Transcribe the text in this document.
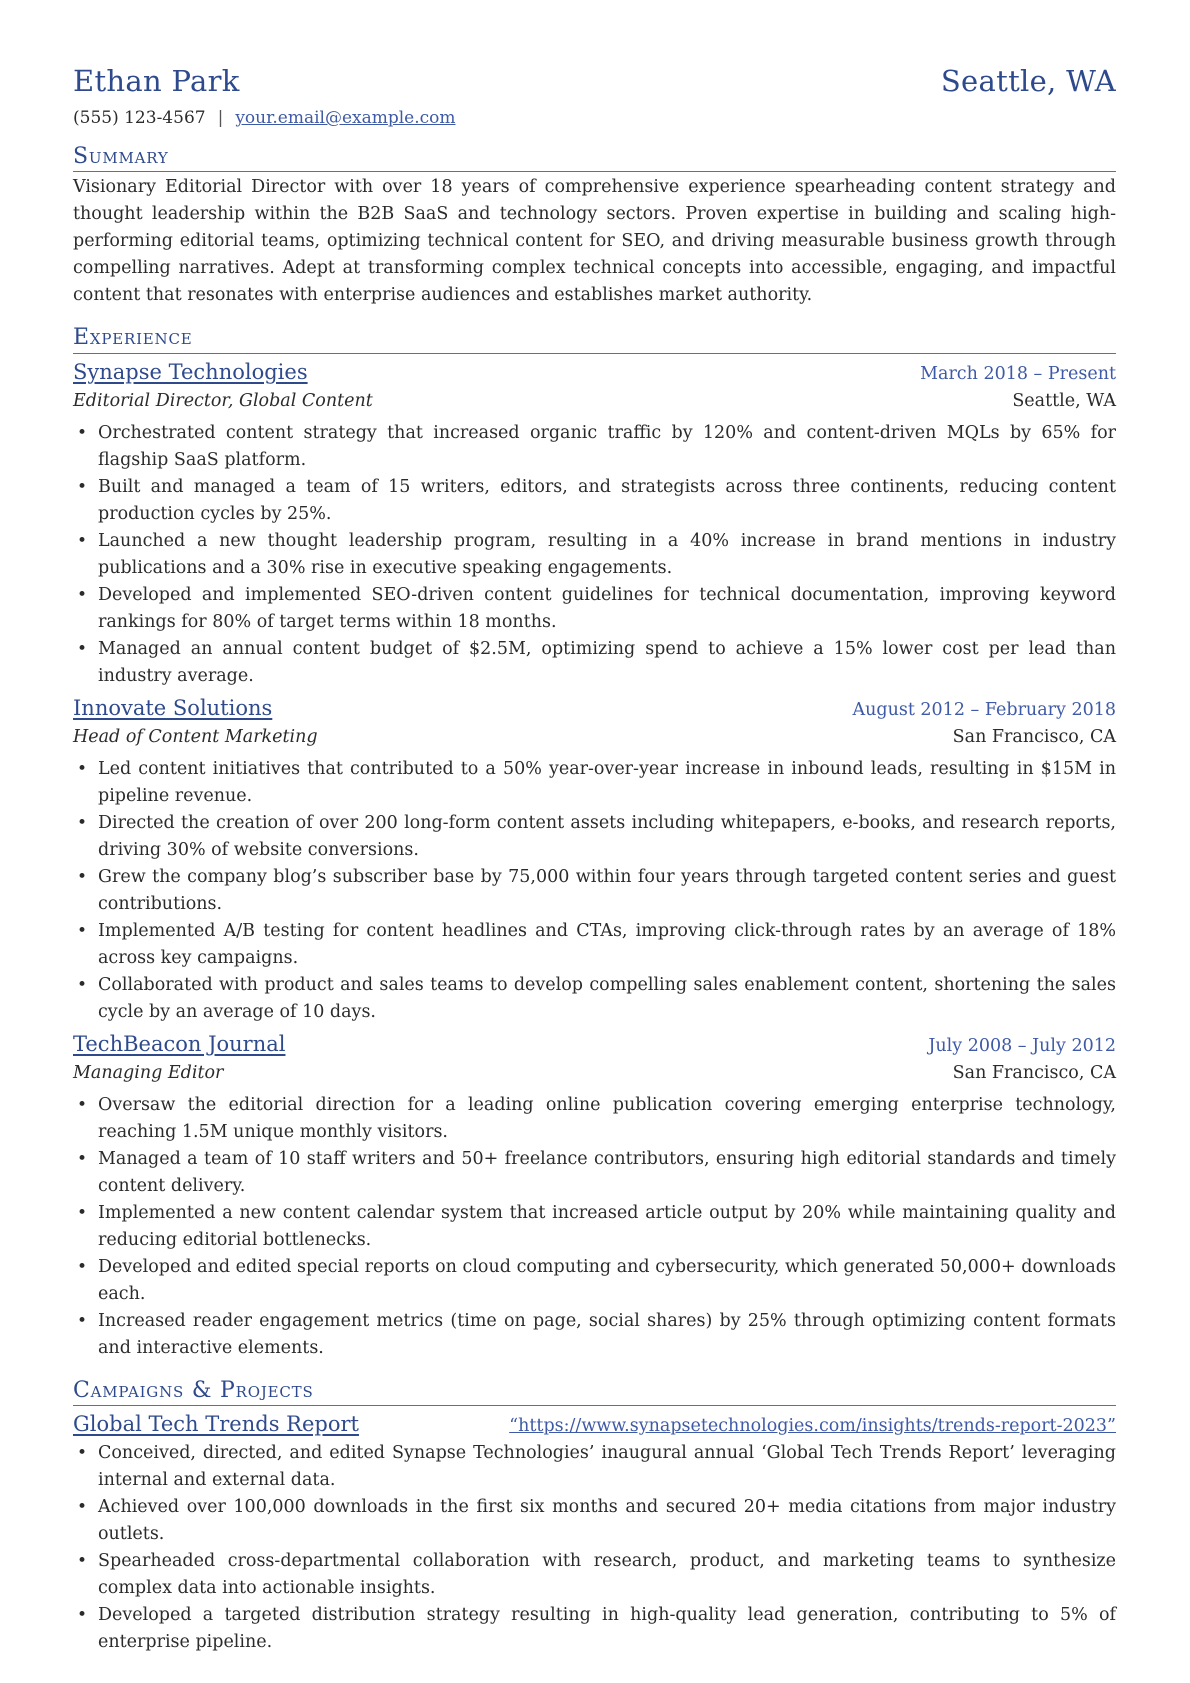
Ethan Park	Seattle, WA
(555) 123-4567 | your.email@example.com
Summary
Visionary Editorial Director with over 18 years of comprehensive experience spearheading content strategy and thought leadership within the B2B SaaS and technology sectors. Proven expertise in building and scaling high-performing editorial teams, optimizing technical content for SEO, and driving measurable business growth through compelling narratives. Adept at transforming complex technical concepts into accessible, engaging, and impactful content that resonates with enterprise audiences and establishes market authority.
Experience
Synapse Technologies	March 2018 – Present
Editorial Director, Global Content	Seattle, WA
• Orchestrated content strategy that increased organic traffic by 120% and content-driven MQLs by 65% for flagship SaaS platform.
• Built and managed a team of 15 writers, editors, and strategists across three continents, reducing content production cycles by 25%.
• Launched a new thought leadership program, resulting in a 40% increase in brand mentions in industry publications and a 30% rise in executive speaking engagements.
• Developed and implemented SEO-driven content guidelines for technical documentation, improving keyword rankings for 80% of target terms within 18 months.
• Managed an annual content budget of $2.5M, optimizing spend to achieve a 15% lower cost per lead than industry average.
Innovate Solutions	August 2012 – February 2018
Head of Content Marketing	San Francisco, CA
• Led content initiatives that contributed to a 50% year-over-year increase in inbound leads, resulting in $15M in pipeline revenue.
• Directed the creation of over 200 long-form content assets including whitepapers, e-books, and research reports, driving 30% of website conversions.
• Grew the company blog’s subscriber base by 75,000 within four years through targeted content series and guest contributions.
• Implemented A/B testing for content headlines and CTAs, improving click-through rates by an average of 18% across key campaigns.
• Collaborated with product and sales teams to develop compelling sales enablement content, shortening the sales cycle by an average of 10 days.
TechBeacon Journal	July 2008 – July 2012
Managing Editor	San Francisco, CA
• Oversaw the editorial direction for a leading online publication covering emerging enterprise technology, reaching 1.5M unique monthly visitors.
• Managed a team of 10 staff writers and 50+ freelance contributors, ensuring high editorial standards and timely content delivery.
• Implemented a new content calendar system that increased article output by 20% while maintaining quality and reducing editorial bottlenecks.
• Developed and edited special reports on cloud computing and cybersecurity, which generated 50,000+ downloads each.
• Increased reader engagement metrics (time on page, social shares) by 25% through optimizing content formats and interactive elements.
Campaigns & Projects
Global Tech Trends Report	“https://www.synapsetechnologies.com/insights/trends-report-2023”
• Conceived, directed, and edited Synapse Technologies’ inaugural annual ‘Global Tech Trends Report’ leveraging internal and external data.
• Achieved over 100,000 downloads in the first six months and secured 20+ media citations from major industry outlets.
• Spearheaded cross-departmental collaboration with research, product, and marketing teams to synthesize complex data into actionable insights.
• Developed a targeted distribution strategy resulting in high-quality lead generation, contributing to 5% of enterprise pipeline.
